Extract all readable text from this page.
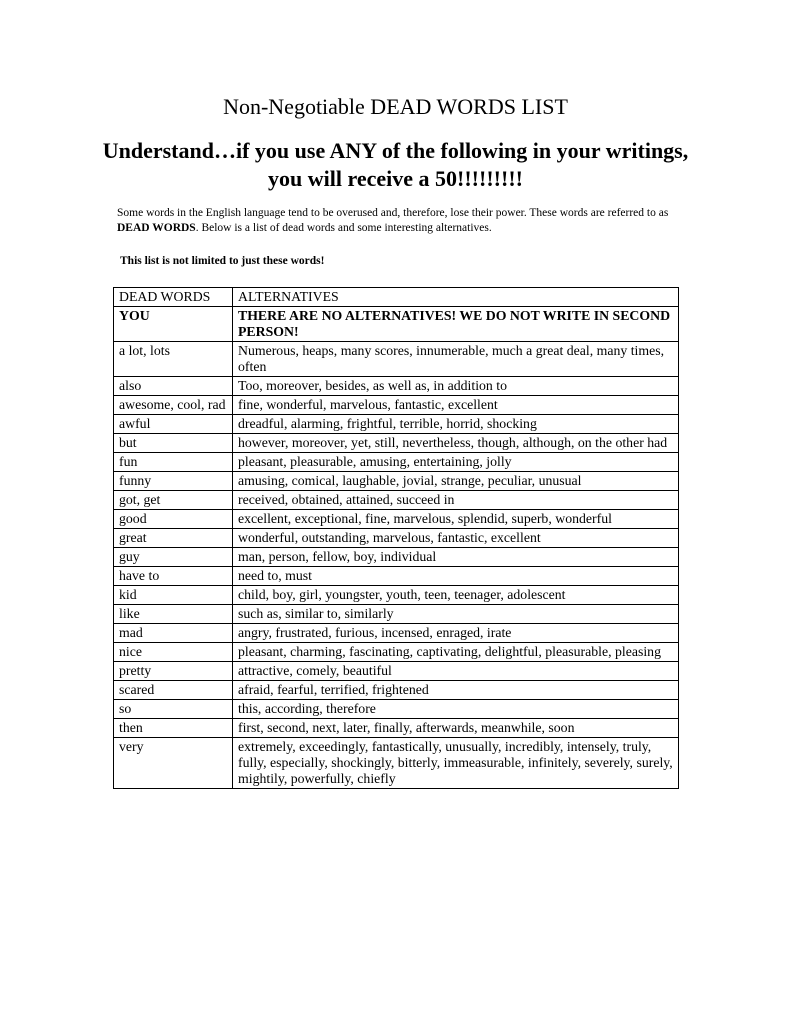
Non-Negotiable DEAD WORDS LIST
Understand…if you use ANY of the following in your writings, you will receive a 50!!!!!!!!!
Some words in the English language tend to be overused and, therefore, lose their power. These words are referred to as DEAD WORDS. Below is a list of dead words and some interesting alternatives.
This list is not limited to just these words!
DEAD WORDS	ALTERNATIVES
YOU	THERE ARE NO ALTERNATIVES! WE DO NOT WRITE IN SECOND PERSON!
a lot, lots	Numerous, heaps, many scores, innumerable, much a great deal, many times, often
also	Too, moreover, besides, as well as, in addition to
awesome, cool, rad	fine, wonderful, marvelous, fantastic, excellent
awful	dreadful, alarming, frightful, terrible, horrid, shocking
but	however, moreover, yet, still, nevertheless, though, although, on the other had
fun	pleasant, pleasurable, amusing, entertaining, jolly
funny	amusing, comical, laughable, jovial, strange, peculiar, unusual
got, get	received, obtained, attained, succeed in
good	excellent, exceptional, fine, marvelous, splendid, superb, wonderful
great	wonderful, outstanding, marvelous, fantastic, excellent
guy	man, person, fellow, boy, individual
have to	need to, must
kid	child, boy, girl, youngster, youth, teen, teenager, adolescent
like	such as, similar to, similarly
mad	angry, frustrated, furious, incensed, enraged, irate
nice	pleasant, charming, fascinating, captivating, delightful, pleasurable, pleasing
pretty	attractive, comely, beautiful
scared	afraid, fearful, terrified, frightened
so	this, according, therefore
then	first, second, next, later, finally, afterwards, meanwhile, soon
very	extremely, exceedingly, fantastically, unusually, incredibly, intensely, truly, fully, especially, shockingly, bitterly, immeasurable, infinitely, severely, surely, mightily, powerfully, chiefly
